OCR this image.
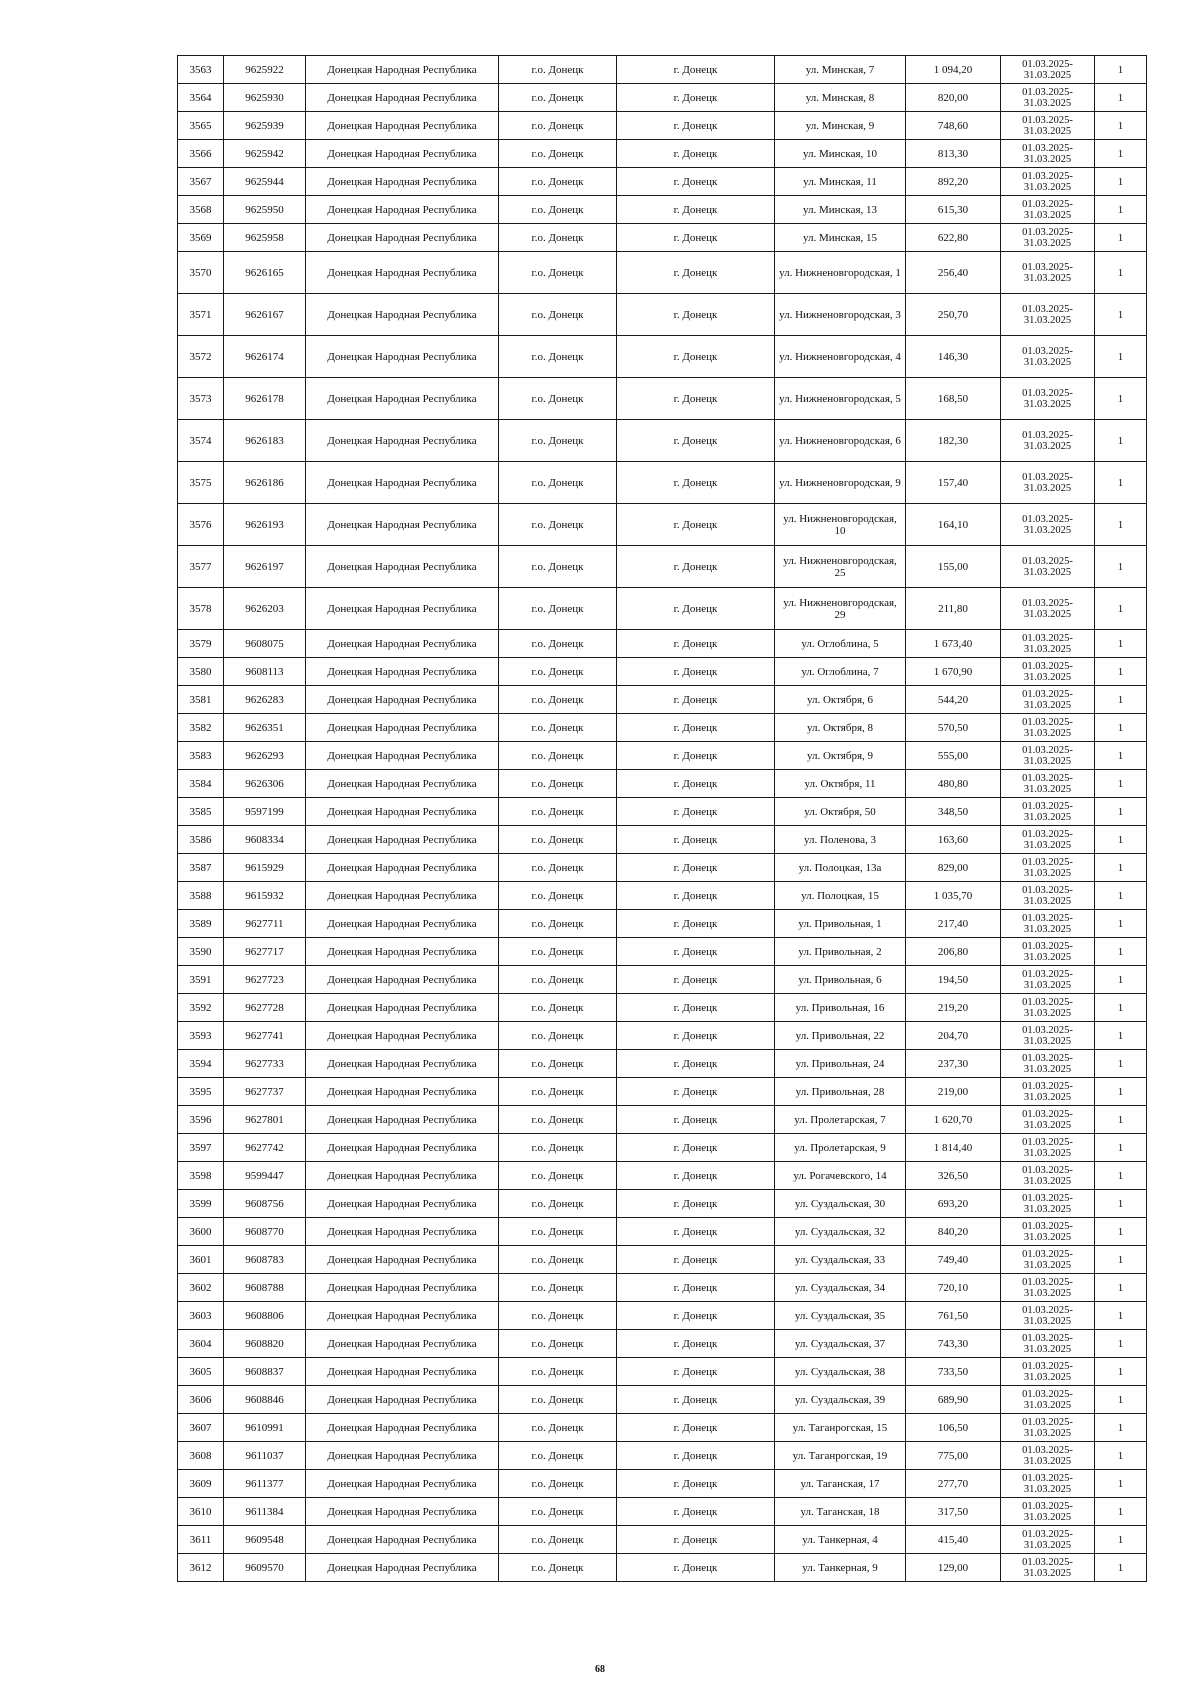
3563	9625922	Донецкая Народная Республика	г.о. Донецк	г. Донецк	ул. Минская, 7	1 094,20	01.03.2025-31.03.2025	1
3564	9625930	Донецкая Народная Республика	г.о. Донецк	г. Донецк	ул. Минская, 8	820,00	01.03.2025-31.03.2025	1
3565	9625939	Донецкая Народная Республика	г.о. Донецк	г. Донецк	ул. Минская, 9	748,60	01.03.2025-31.03.2025	1
3566	9625942	Донецкая Народная Республика	г.о. Донецк	г. Донецк	ул. Минская, 10	813,30	01.03.2025-31.03.2025	1
3567	9625944	Донецкая Народная Республика	г.о. Донецк	г. Донецк	ул. Минская, 11	892,20	01.03.2025-31.03.2025	1
3568	9625950	Донецкая Народная Республика	г.о. Донецк	г. Донецк	ул. Минская, 13	615,30	01.03.2025-31.03.2025	1
3569	9625958	Донецкая Народная Республика	г.о. Донецк	г. Донецк	ул. Минская, 15	622,80	01.03.2025-31.03.2025	1
3570	9626165	Донецкая Народная Республика	г.о. Донецк	г. Донецк	ул. Нижненовгородская, 1	256,40	01.03.2025-31.03.2025	1
3571	9626167	Донецкая Народная Республика	г.о. Донецк	г. Донецк	ул. Нижненовгородская, 3	250,70	01.03.2025-31.03.2025	1
3572	9626174	Донецкая Народная Республика	г.о. Донецк	г. Донецк	ул. Нижненовгородская, 4	146,30	01.03.2025-31.03.2025	1
3573	9626178	Донецкая Народная Республика	г.о. Донецк	г. Донецк	ул. Нижненовгородская, 5	168,50	01.03.2025-31.03.2025	1
3574	9626183	Донецкая Народная Республика	г.о. Донецк	г. Донецк	ул. Нижненовгородская, 6	182,30	01.03.2025-31.03.2025	1
3575	9626186	Донецкая Народная Республика	г.о. Донецк	г. Донецк	ул. Нижненовгородская, 9	157,40	01.03.2025-31.03.2025	1
3576	9626193	Донецкая Народная Республика	г.о. Донецк	г. Донецк	ул. Нижненовгородская, 10	164,10	01.03.2025-31.03.2025	1
3577	9626197	Донецкая Народная Республика	г.о. Донецк	г. Донецк	ул. Нижненовгородская, 25	155,00	01.03.2025-31.03.2025	1
3578	9626203	Донецкая Народная Республика	г.о. Донецк	г. Донецк	ул. Нижненовгородская, 29	211,80	01.03.2025-31.03.2025	1
3579	9608075	Донецкая Народная Республика	г.о. Донецк	г. Донецк	ул. Оглоблина, 5	1 673,40	01.03.2025-31.03.2025	1
3580	9608113	Донецкая Народная Республика	г.о. Донецк	г. Донецк	ул. Оглоблина, 7	1 670,90	01.03.2025-31.03.2025	1
3581	9626283	Донецкая Народная Республика	г.о. Донецк	г. Донецк	ул. Октября, 6	544,20	01.03.2025-31.03.2025	1
3582	9626351	Донецкая Народная Республика	г.о. Донецк	г. Донецк	ул. Октября, 8	570,50	01.03.2025-31.03.2025	1
3583	9626293	Донецкая Народная Республика	г.о. Донецк	г. Донецк	ул. Октября, 9	555,00	01.03.2025-31.03.2025	1
3584	9626306	Донецкая Народная Республика	г.о. Донецк	г. Донецк	ул. Октября, 11	480,80	01.03.2025-31.03.2025	1
3585	9597199	Донецкая Народная Республика	г.о. Донецк	г. Донецк	ул. Октября, 50	348,50	01.03.2025-31.03.2025	1
3586	9608334	Донецкая Народная Республика	г.о. Донецк	г. Донецк	ул. Поленова, 3	163,60	01.03.2025-31.03.2025	1
3587	9615929	Донецкая Народная Республика	г.о. Донецк	г. Донецк	ул. Полоцкая, 13а	829,00	01.03.2025-31.03.2025	1
3588	9615932	Донецкая Народная Республика	г.о. Донецк	г. Донецк	ул. Полоцкая, 15	1 035,70	01.03.2025-31.03.2025	1
3589	9627711	Донецкая Народная Республика	г.о. Донецк	г. Донецк	ул. Привольная, 1	217,40	01.03.2025-31.03.2025	1
3590	9627717	Донецкая Народная Республика	г.о. Донецк	г. Донецк	ул. Привольная, 2	206,80	01.03.2025-31.03.2025	1
3591	9627723	Донецкая Народная Республика	г.о. Донецк	г. Донецк	ул. Привольная, 6	194,50	01.03.2025-31.03.2025	1
3592	9627728	Донецкая Народная Республика	г.о. Донецк	г. Донецк	ул. Привольная, 16	219,20	01.03.2025-31.03.2025	1
3593	9627741	Донецкая Народная Республика	г.о. Донецк	г. Донецк	ул. Привольная, 22	204,70	01.03.2025-31.03.2025	1
3594	9627733	Донецкая Народная Республика	г.о. Донецк	г. Донецк	ул. Привольная, 24	237,30	01.03.2025-31.03.2025	1
3595	9627737	Донецкая Народная Республика	г.о. Донецк	г. Донецк	ул. Привольная, 28	219,00	01.03.2025-31.03.2025	1
3596	9627801	Донецкая Народная Республика	г.о. Донецк	г. Донецк	ул. Пролетарская, 7	1 620,70	01.03.2025-31.03.2025	1
3597	9627742	Донецкая Народная Республика	г.о. Донецк	г. Донецк	ул. Пролетарская, 9	1 814,40	01.03.2025-31.03.2025	1
3598	9599447	Донецкая Народная Республика	г.о. Донецк	г. Донецк	ул. Рогачевского, 14	326,50	01.03.2025-31.03.2025	1
3599	9608756	Донецкая Народная Республика	г.о. Донецк	г. Донецк	ул. Суздальская, 30	693,20	01.03.2025-31.03.2025	1
3600	9608770	Донецкая Народная Республика	г.о. Донецк	г. Донецк	ул. Суздальская, 32	840,20	01.03.2025-31.03.2025	1
3601	9608783	Донецкая Народная Республика	г.о. Донецк	г. Донецк	ул. Суздальская, 33	749,40	01.03.2025-31.03.2025	1
3602	9608788	Донецкая Народная Республика	г.о. Донецк	г. Донецк	ул. Суздальская, 34	720,10	01.03.2025-31.03.2025	1
3603	9608806	Донецкая Народная Республика	г.о. Донецк	г. Донецк	ул. Суздальская, 35	761,50	01.03.2025-31.03.2025	1
3604	9608820	Донецкая Народная Республика	г.о. Донецк	г. Донецк	ул. Суздальская, 37	743,30	01.03.2025-31.03.2025	1
3605	9608837	Донецкая Народная Республика	г.о. Донецк	г. Донецк	ул. Суздальская, 38	733,50	01.03.2025-31.03.2025	1
3606	9608846	Донецкая Народная Республика	г.о. Донецк	г. Донецк	ул. Суздальская, 39	689,90	01.03.2025-31.03.2025	1
3607	9610991	Донецкая Народная Республика	г.о. Донецк	г. Донецк	ул. Таганрогская, 15	106,50	01.03.2025-31.03.2025	1
3608	9611037	Донецкая Народная Республика	г.о. Донецк	г. Донецк	ул. Таганрогская, 19	775,00	01.03.2025-31.03.2025	1
3609	9611377	Донецкая Народная Республика	г.о. Донецк	г. Донецк	ул. Таганская, 17	277,70	01.03.2025-31.03.2025	1
3610	9611384	Донецкая Народная Республика	г.о. Донецк	г. Донецк	ул. Таганская, 18	317,50	01.03.2025-31.03.2025	1
3611	9609548	Донецкая Народная Республика	г.о. Донецк	г. Донецк	ул. Танкерная, 4	415,40	01.03.2025-31.03.2025	1
3612	9609570	Донецкая Народная Республика	г.о. Донецк	г. Донецк	ул. Танкерная, 9	129,00	01.03.2025-31.03.2025	1
68
